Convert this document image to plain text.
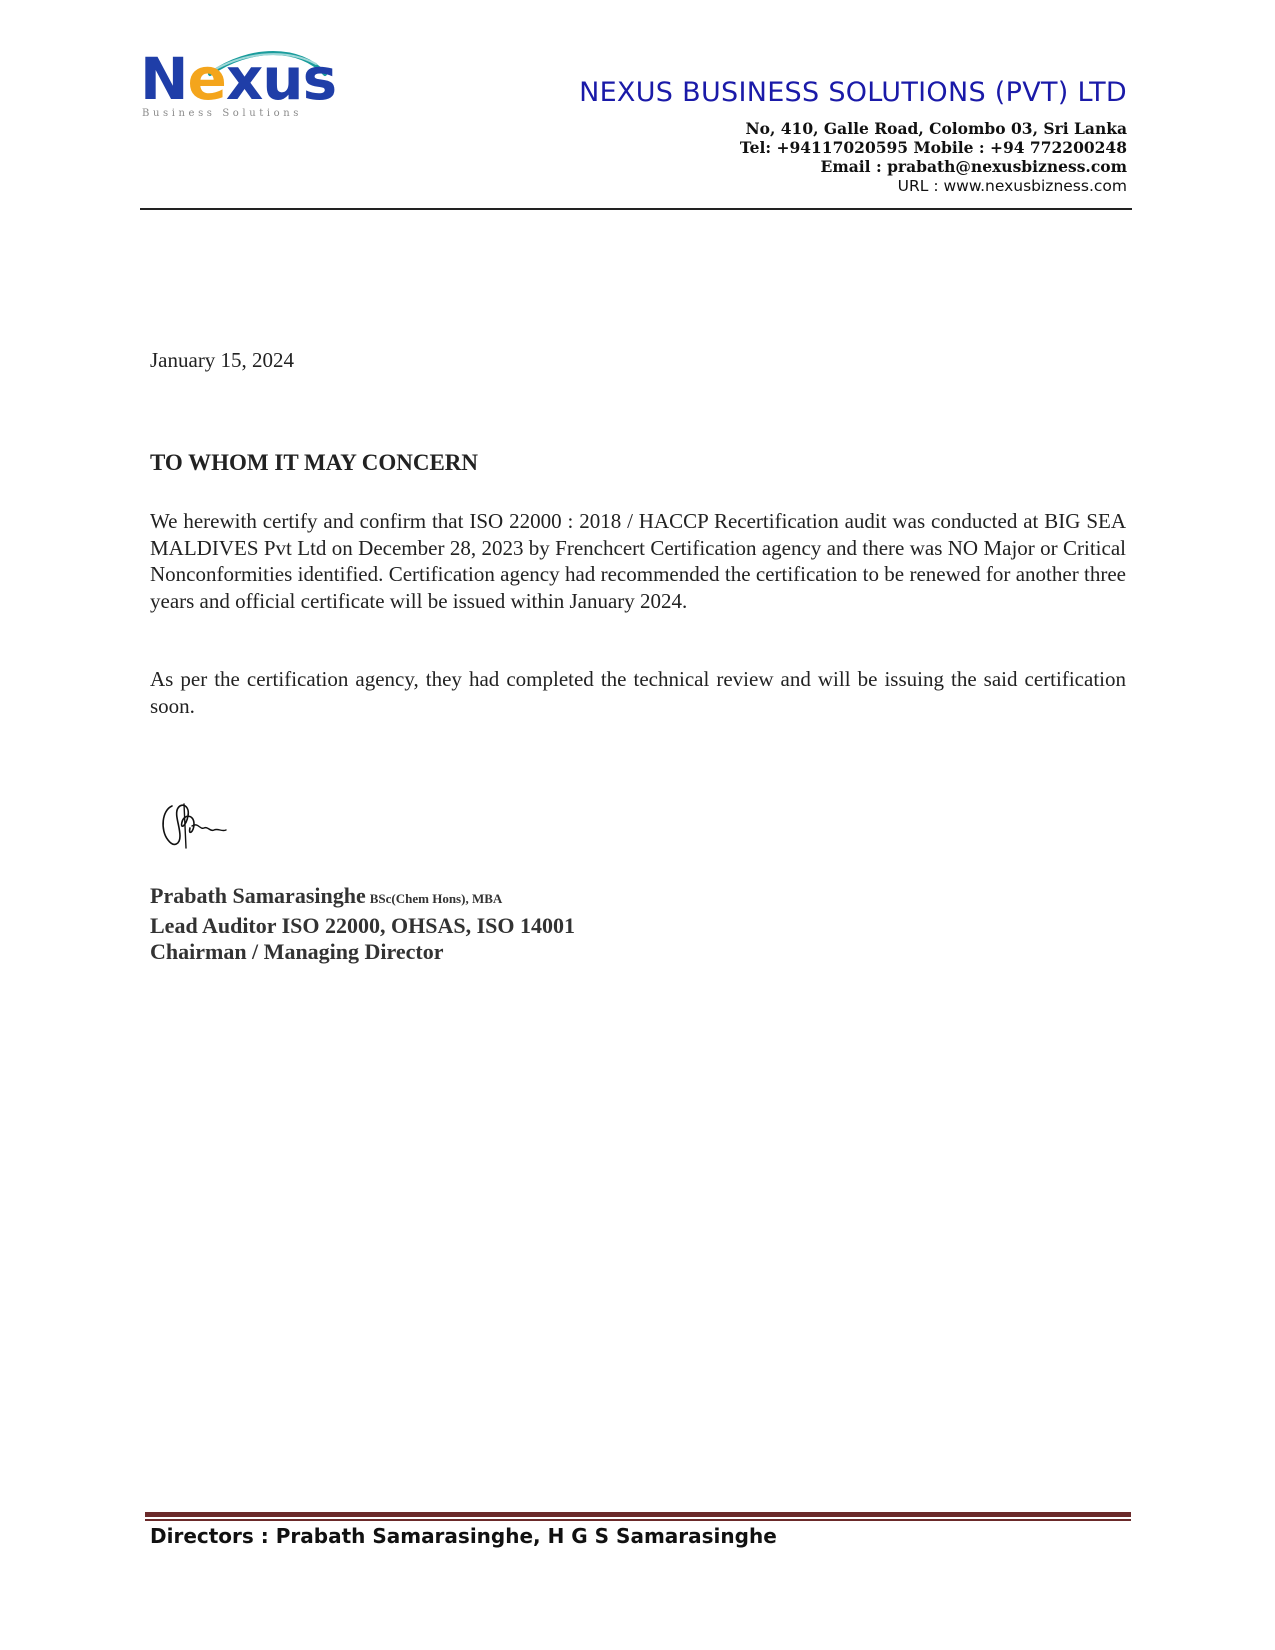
Nexus
Business Solutions
NEXUS BUSINESS SOLUTIONS (PVT) LTD
No, 410, Galle Road, Colombo 03, Sri Lanka
Tel: +94117020595 Mobile : +94 772200248
Email : prabath@nexusbizness.com
URL : www.nexusbizness.com
January 15, 2024
TO WHOM IT MAY CONCERN

We herewith certify and confirm that ISO 22000 : 2018 / HACCP Recertification audit was conducted at BIG SEA MALDIVES Pvt Ltd on December 28, 2023 by Frenchcert Certification agency and there was NO Major or Critical Nonconformities identified. Certification agency had recommended the certification to be renewed for another three years and official certificate will be issued within January 2024.

As per the certification agency, they had completed the technical review and will be issuing the said certification soon.

Prabath Samarasinghe BSc(Chem Hons), MBA
Lead Auditor ISO 22000, OHSAS, ISO 14001
Chairman / Managing Director
Directors : Prabath Samarasinghe, H G S Samarasinghe
